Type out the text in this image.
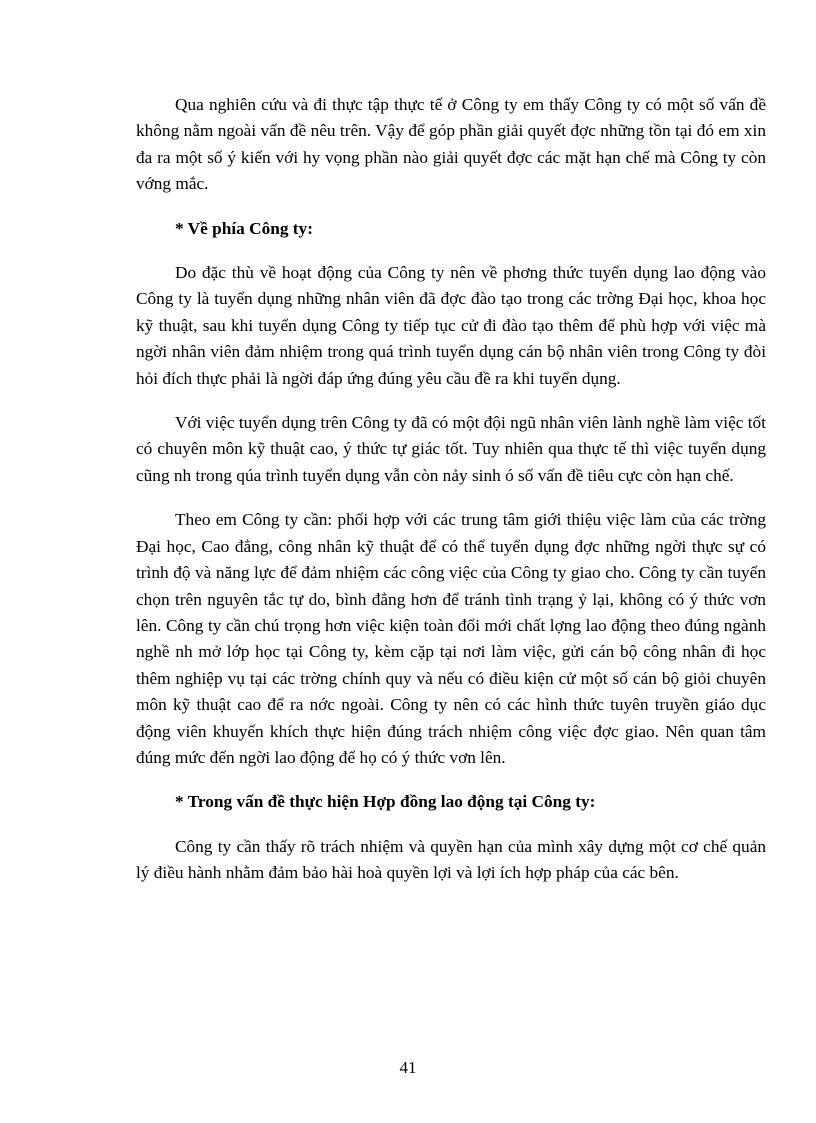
Qua nghiên cứu và đi thực tập thực tế ở Công ty em thấy Công ty có một số vấn đề không nằm ngoài vấn đề nêu trên. Vậy để góp phần giải quyết đợc những tồn tại đó em xin đa ra một số ý kiến với hy vọng phần nào giải quyết đợc các mặt hạn chế mà Công ty còn vớng mắc.

* Về phía Công ty:

Do đặc thù về hoạt động của Công ty nên về phơng thức tuyển dụng lao động vào Công ty là tuyển dụng những nhân viên đã đợc đào tạo trong các trờng Đại học, khoa học kỹ thuật, sau khi tuyển dụng Công ty tiếp tục cử đi đào tạo thêm để phù hợp với việc mà ngời nhân viên đảm nhiệm trong quá trình tuyển dụng cán bộ nhân viên trong Công ty đòi hỏi đích thực phải là ngời đáp ứng đúng yêu cầu đề ra khi tuyển dụng.

Với việc tuyển dụng trên Công ty đã có một đội ngũ nhân viên lành nghề làm việc tốt có chuyên môn kỹ thuật cao, ý thức tự giác tốt. Tuy nhiên qua thực tế thì việc tuyển dụng cũng nh trong qúa trình tuyển dụng vẫn còn nảy sinh ó số vấn đề tiêu cực còn hạn chế.

Theo em Công ty cần: phối hợp với các trung tâm giới thiệu việc làm của các trờng Đại học, Cao đẳng, công nhân kỹ thuật để có thể tuyển dụng đợc những ngời thực sự có trình độ và năng lực để đảm nhiệm các công việc của Công ty giao cho. Công ty cần tuyển chọn trên nguyên tắc tự do, bình đẳng hơn để tránh tình trạng ỷ lại, không có ý thức vơn lên. Công ty cần chú trọng hơn việc kiện toàn đổi mới chất lợng lao động theo đúng ngành nghề nh mở lớp học tại Công ty, kèm cặp tại nơi làm việc, gửi cán bộ công nhân đi học thêm nghiệp vụ tại các trờng chính quy và nếu có điều kiện cử một số cán bộ giỏi chuyên môn kỹ thuật cao để ra nớc ngoài. Công ty nên có các hình thức tuyên truyền giáo dục động viên khuyến khích thực hiện đúng trách nhiệm công việc đợc giao. Nên quan tâm đúng mức đến ngời lao động để họ có ý thức vơn lên.

* Trong vấn đề thực hiện Hợp đồng lao động tại Công ty:

Công ty cần thấy rõ trách nhiệm và quyền hạn của mình xây dựng một cơ chế quản lý điều hành nhằm đảm bảo hài hoà quyền lợi và lợi ích hợp pháp của các bên.

41
